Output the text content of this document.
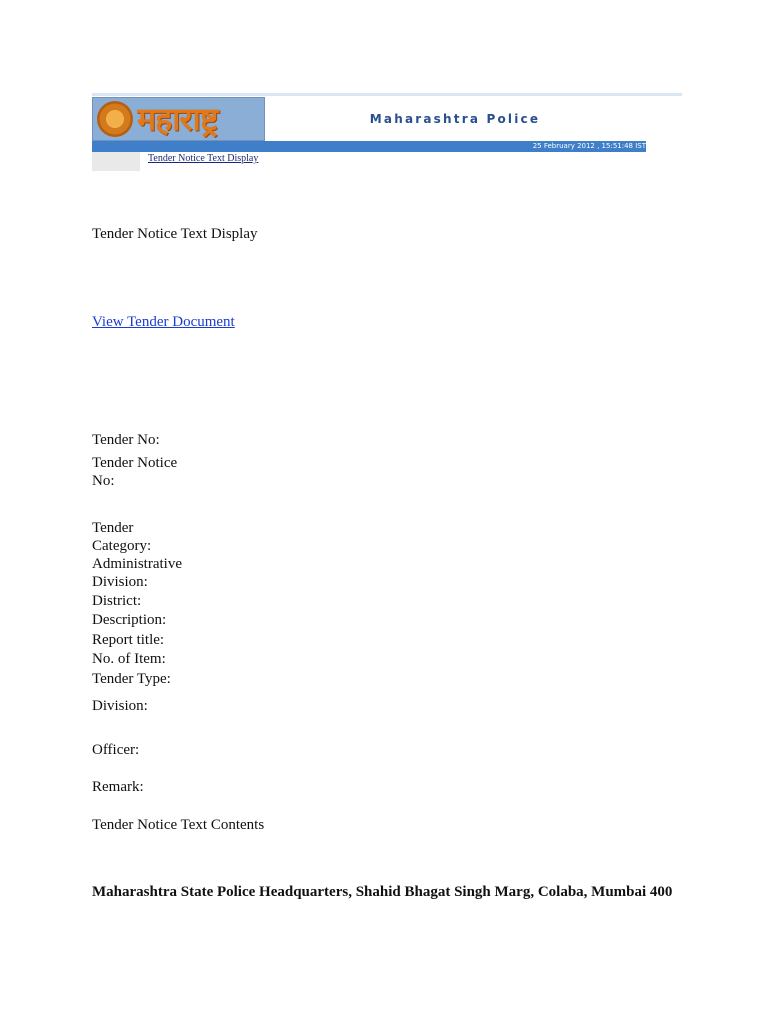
महाराष्ट्र	Maharashtra Police
25 February 2012 , 15:51:48 IST
Tender Notice Text Display
Tender Notice Text Display
View Tender Document
Tender No:
Tender Notice No:
Tender Category:
Administrative Division:
District:
Description:
Report title:
No. of Item:
Tender Type:
Division:
Officer:
Remark:
Tender Notice Text Contents
Maharashtra State Police Headquarters, Shahid Bhagat Singh Marg, Colaba, Mumbai 400
